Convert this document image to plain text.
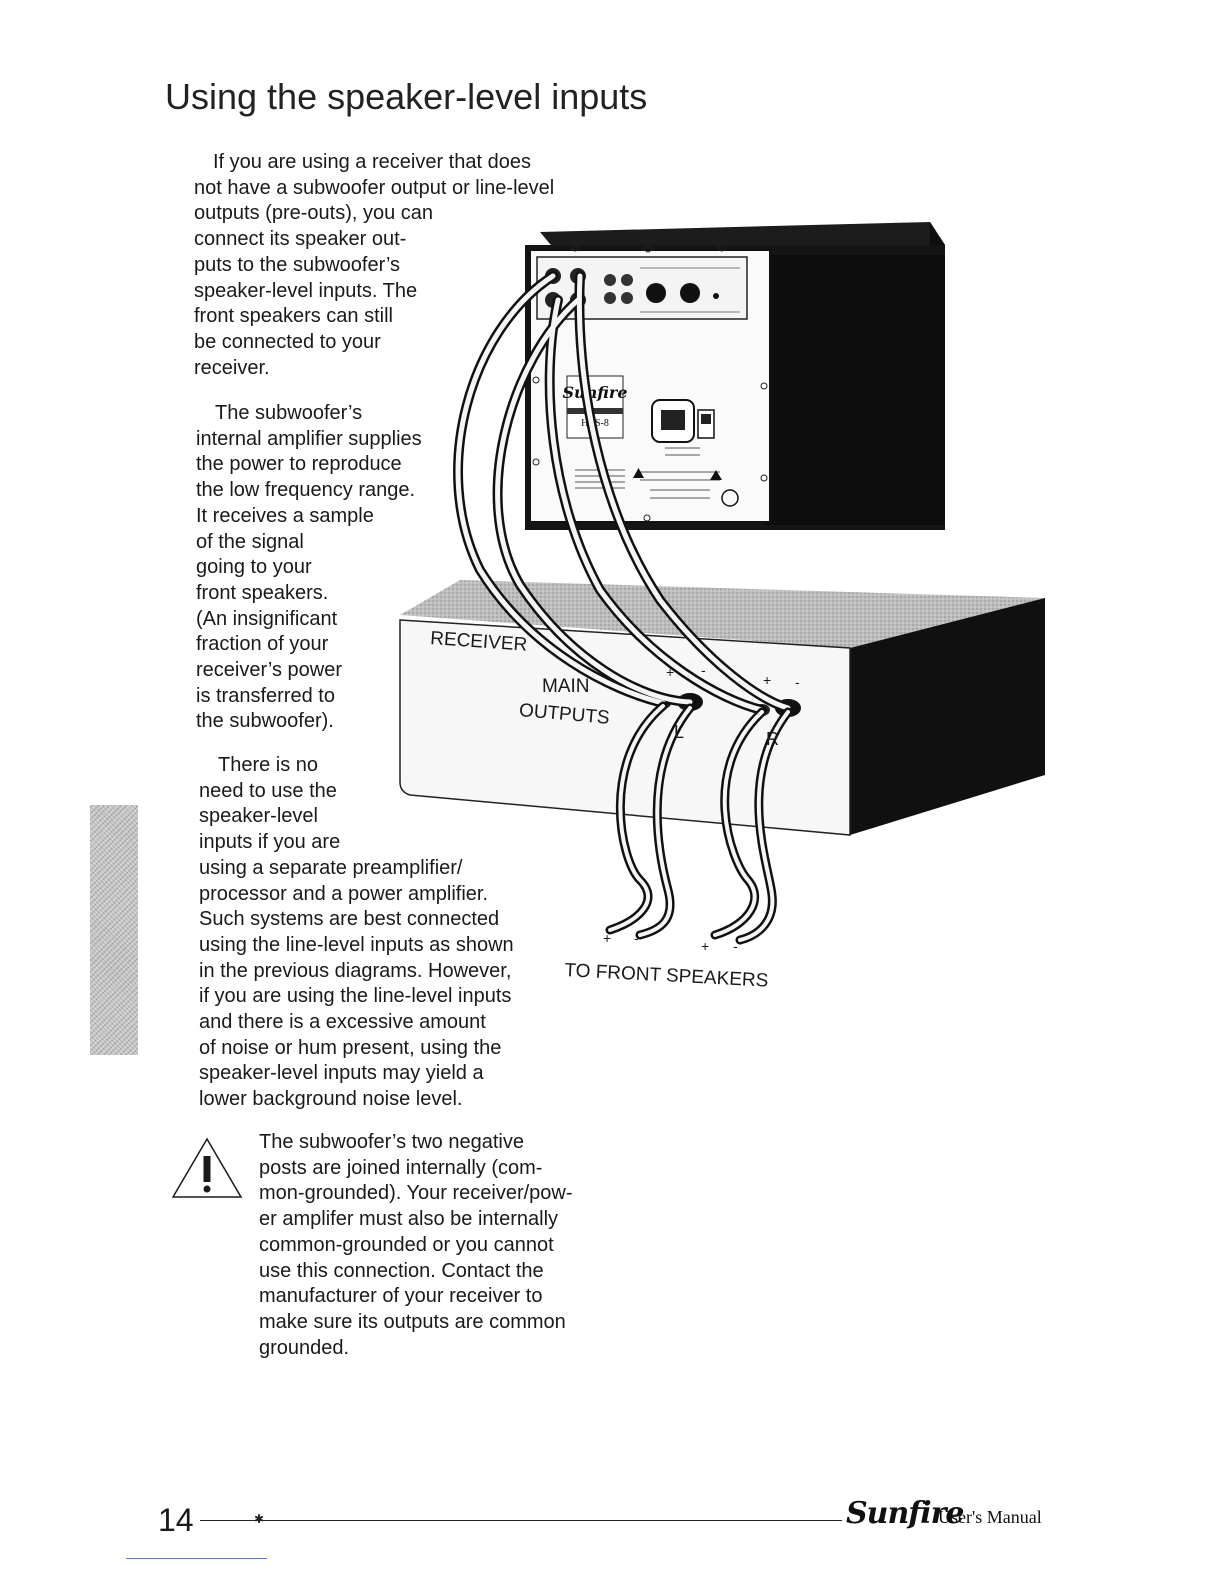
Using the speaker-level inputs
If you are using a receiver that does
not have a subwoofer output or line-level
outputs (pre-outs), you can
connect its speaker out-
puts to the subwoofer’s
speaker-level inputs. The
front speakers can still
be connected to your
receiver.
The subwoofer’s
internal amplifier supplies
the power to reproduce
the low frequency range.
It receives a sample
of the signal
going to your
front speakers.
(An insignificant
fraction of your
receiver’s power
is transferred to
the subwoofer).
There is no
need to use the
speaker-level
inputs if you are
using a separate preamplifier/
processor and a power amplifier.
Such systems are best connected
using the line-level inputs as shown
in the previous diagrams. However,
if you are using the line-level inputs
and there is a excessive amount
of noise or hum present, using the
speaker-level inputs may yield a
lower background noise level.
Sunfire
HRS-8
RECEIVER
MAIN
OUTPUTS
L	R
TO FRONT SPEAKERS
+ -
+ -
+ -	+ -
The subwoofer’s two negative
posts are joined internally (com-
mon-grounded). Your receiver/pow-
er amplifer must also be internally
common-grounded or you cannot
use this connection. Contact the
manufacturer of your receiver to
make sure its outputs are common
grounded.
14	✱	Sunfire
User's Manual
